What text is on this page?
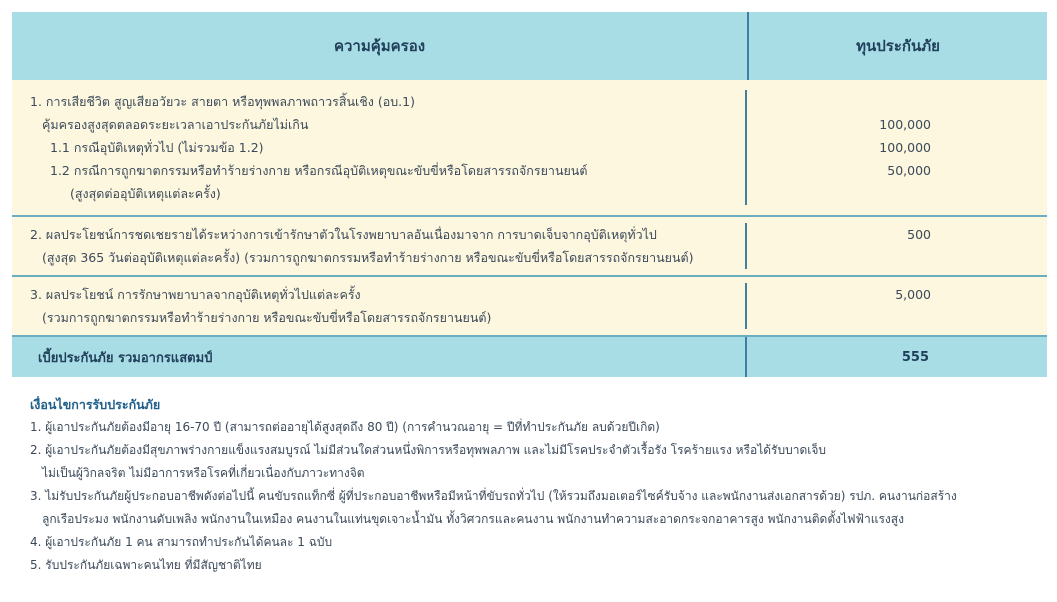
ความคุ้มครอง	ทุนประกันภัย
1. การเสียชีวิต สูญเสียอวัยวะ สายตา หรือทุพพลภาพถาวรสิ้นเชิง (อบ.1)
คุ้มครองสูงสุดตลอดระยะเวลาเอาประกันภัยไม่เกิน
1.1 กรณีอุบัติเหตุทั่วไป (ไม่รวมข้อ 1.2)
1.2 กรณีการถูกฆาตกรรมหรือทำร้ายร่างกาย หรือกรณีอุบัติเหตุขณะขับขี่หรือโดยสารรถจักรยานยนต์
(สูงสุดต่ออุบัติเหตุแต่ละครั้ง)
100,000
100,000
50,000
2. ผลประโยชน์การชดเชยรายได้ระหว่างการเข้ารักษาตัวในโรงพยาบาลอันเนื่องมาจาก การบาดเจ็บจากอุบัติเหตุทั่วไป
(สูงสุด 365 วันต่ออุบัติเหตุแต่ละครั้ง) (รวมการถูกฆาตกรรมหรือทำร้ายร่างกาย หรือขณะขับขี่หรือโดยสารรถจักรยานยนต์)
500
3. ผลประโยชน์ การรักษาพยาบาลจากอุบัติเหตุทั่วไปแต่ละครั้ง
(รวมการถูกฆาตกรรมหรือทำร้ายร่างกาย หรือขณะขับขี่หรือโดยสารรถจักรยานยนต์)
5,000
เบี้ยประกันภัย รวมอากรแสตมป์	555
เงื่อนไขการรับประกันภัย
1. ผู้เอาประกันภัยต้องมีอายุ 16-70 ปี (สามารถต่ออายุได้สูงสุดถึง 80 ปี) (การคำนวณอายุ = ปีที่ทำประกันภัย ลบด้วยปีเกิด)
2. ผู้เอาประกันภัยต้องมีสุขภาพร่างกายแข็งแรงสมบูรณ์ ไม่มีส่วนใดส่วนหนึ่งพิการหรือทุพพลภาพ และไม่มีโรคประจำตัวเรื้อรัง โรคร้ายแรง หรือได้รับบาดเจ็บ
ไม่เป็นผู้วิกลจริต ไม่มีอาการหรือโรคที่เกี่ยวเนื่องกับภาวะทางจิต
3. ไม่รับประกันภัยผู้ประกอบอาชีพดังต่อไปนี้ คนขับรถแท็กซี่ ผู้ที่ประกอบอาชีพหรือมีหน้าที่ขับรถทั่วไป (ให้รวมถึงมอเตอร์ไซค์รับจ้าง และพนักงานส่งเอกสารด้วย) รปภ. คนงานก่อสร้าง
ลูกเรือประมง พนักงานดับเพลิง พนักงานในเหมือง คนงานในแท่นขุดเจาะน้ำมัน ทั้งวิศวกรและคนงาน พนักงานทำความสะอาดกระจกอาคารสูง พนักงานติดตั้งไฟฟ้าแรงสูง
4. ผู้เอาประกันภัย 1 คน สามารถทำประกันได้คนละ 1 ฉบับ
5. รับประกันภัยเฉพาะคนไทย ที่มีสัญชาติไทย
